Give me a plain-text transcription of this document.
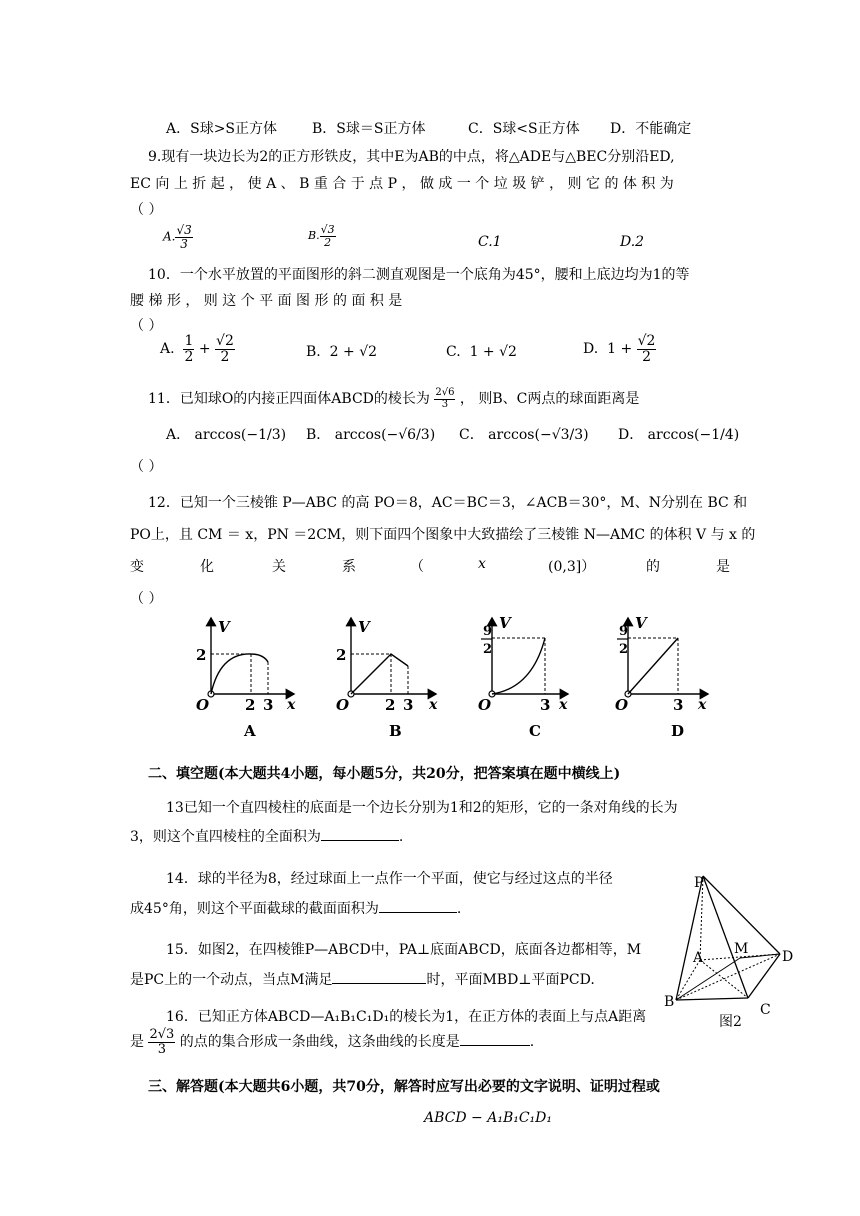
A．S球>S正方体 B．S球＝S正方体	C．S球<S正方体 D．不能确定
9.现有一块边长为2的正方形铁皮，其中E为AB的中点，将△ADE与△BEC分别沿ED,
EC 向 上 折 起 ， 使 A 、 B 重 合 于 点 P ， 做 成 一 个 垃 圾 铲 ， 则 它 的 体 积 为
（ ）
A. $\frac{√3}{3}$	B. $\frac{√3}{2}$	C.1	D.2
10．一个水平放置的平面图形的斜二测直观图是一个底角为45°，腰和上底边均为1的等
腰 梯 形 ， 则 这 个 平 面 图 形 的 面 积 是
（ ）
A. $\frac{1}{2} + \frac{√2}{2}$	B. 2 + √2	C. 1 + √2	D. $1 + \frac{√2}{2}$
11．已知球O的内接正四面体ABCD的棱长为 $\frac{2√6}{3}$ ， 则B、C两点的球面距离是
A． arccos(−1/3) B． arccos(−√6/3) C． arccos(−√3/3) D． arccos(−1/4)
（ ）
12．已知一个三棱锥 P—ABC 的高 PO＝8，AC＝BC＝3，∠ACB＝30°，M、N分别在 BC 和
PO上，且 CM ＝ x，PN ＝2CM，则下面四个图象中大致描绘了三棱锥 N—AMC 的体积 V 与 x 的
变	化	关	系	（	x	(0,3]）	的	是
（ ）
V
2
O 2 3 x
A
V
2
O 2 3 x
B
V
9
2
O	3 x
C
V
9
2
O	3 x
D
二、填空题(本大题共4小题，每小题5分，共20分，把答案填在题中横线上)
13已知一个直四棱柱的底面是一个边长分别为1和2的矩形，它的一条对角线的长为
3，则这个直四棱柱的全面积为	.
14．球的半径为8，经过球面上一点作一个平面，使它与经过这点的半径
成45°角，则这个平面截球的截面面积为	.
15．如图2，在四棱锥P—ABCD中，PA⊥底面ABCD，底面各边都相等，M
是PC上的一个动点，当点M满足	时，平面MBD⊥平面PCD.
16．已知正方体ABCD—A₁B₁C₁D₁的棱长为1，在正方体的表面上与点A距离
是 $\frac{2√3}{3}$ 的点的集合形成一条曲线，这条曲线的长度是	.
P
M
A	D
B	C
图2
三、解答题(本大题共6小题，共70分，解答时应写出必要的文字说明、证明过程或
ABCD − A₁B₁C₁D₁
